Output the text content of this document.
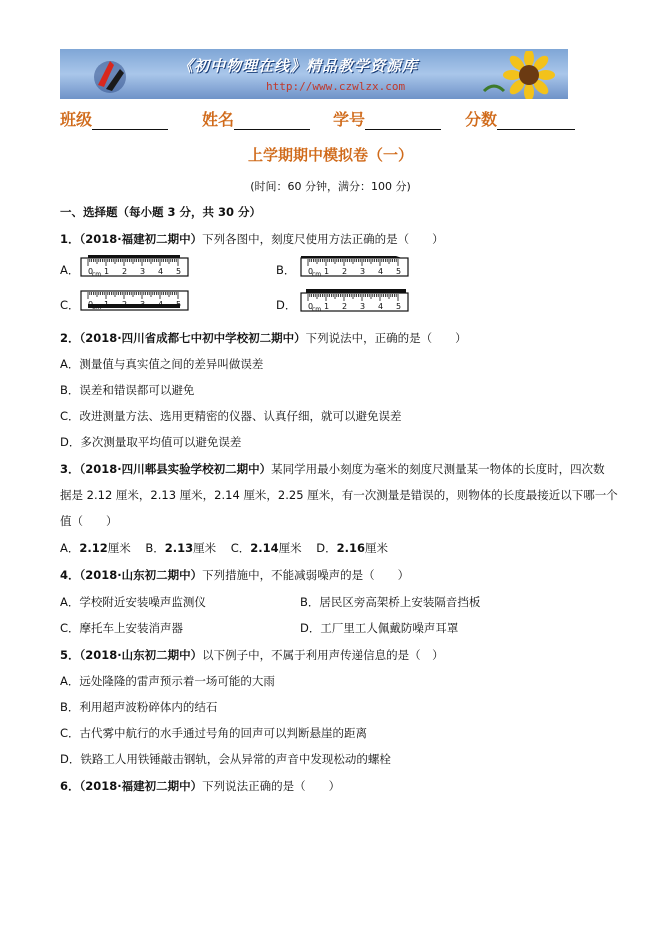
《初中物理在线》精品教学资源库
http://www.czwlzx.com
班级	姓名	学号	分数
上学期期中模拟卷（一）
(时间：60 分钟，满分：100 分)
一、选择题（每小题 3 分，共 30 分）
1．（2018·福建初二期中）下列各图中，刻度尺使用方法正确的是（　　）
A．	B．
C．	D．
0 1 2 3 4 5
cm	0 1 2 3 4 5
cm
0 1 2 3 4 5
cm	0 1 2 3 4 5
cm
2．（2018·四川省成都七中初中学校初二期中）下列说法中，正确的是（　　）
A．测量值与真实值之间的差异叫做误差
B．误差和错误都可以避免
C．改进测量方法、选用更精密的仪器、认真仔细，就可以避免误差
D．多次测量取平均值可以避免误差
3．（2018·四川郫县实验学校初二期中）某同学用最小刻度为毫米的刻度尺测量某一物体的长度时，四次数
据是 2.12 厘米，2.13 厘米，2.14 厘米，2.25 厘米，有一次测量是错误的，则物体的长度最接近以下哪一个
值（　　）
A．2.12厘米 B．2.13厘米 C．2.14厘米 D．2.16厘米
4．（2018·山东初二期中）下列措施中，不能减弱噪声的是（　　）
A．学校附近安装噪声监测仪	B．居民区旁高架桥上安装隔音挡板
C．摩托车上安装消声器	D．工厂里工人佩戴防噪声耳罩
5．（2018·山东初二期中）以下例子中，不属于利用声传递信息的是（　）
A．远处隆隆的雷声预示着一场可能的大雨
B．利用超声波粉碎体内的结石
C．古代雾中航行的水手通过号角的回声可以判断悬崖的距离
D．铁路工人用铁锤敲击钢轨，会从异常的声音中发现松动的螺栓
6．（2018·福建初二期中）下列说法正确的是（　　）
